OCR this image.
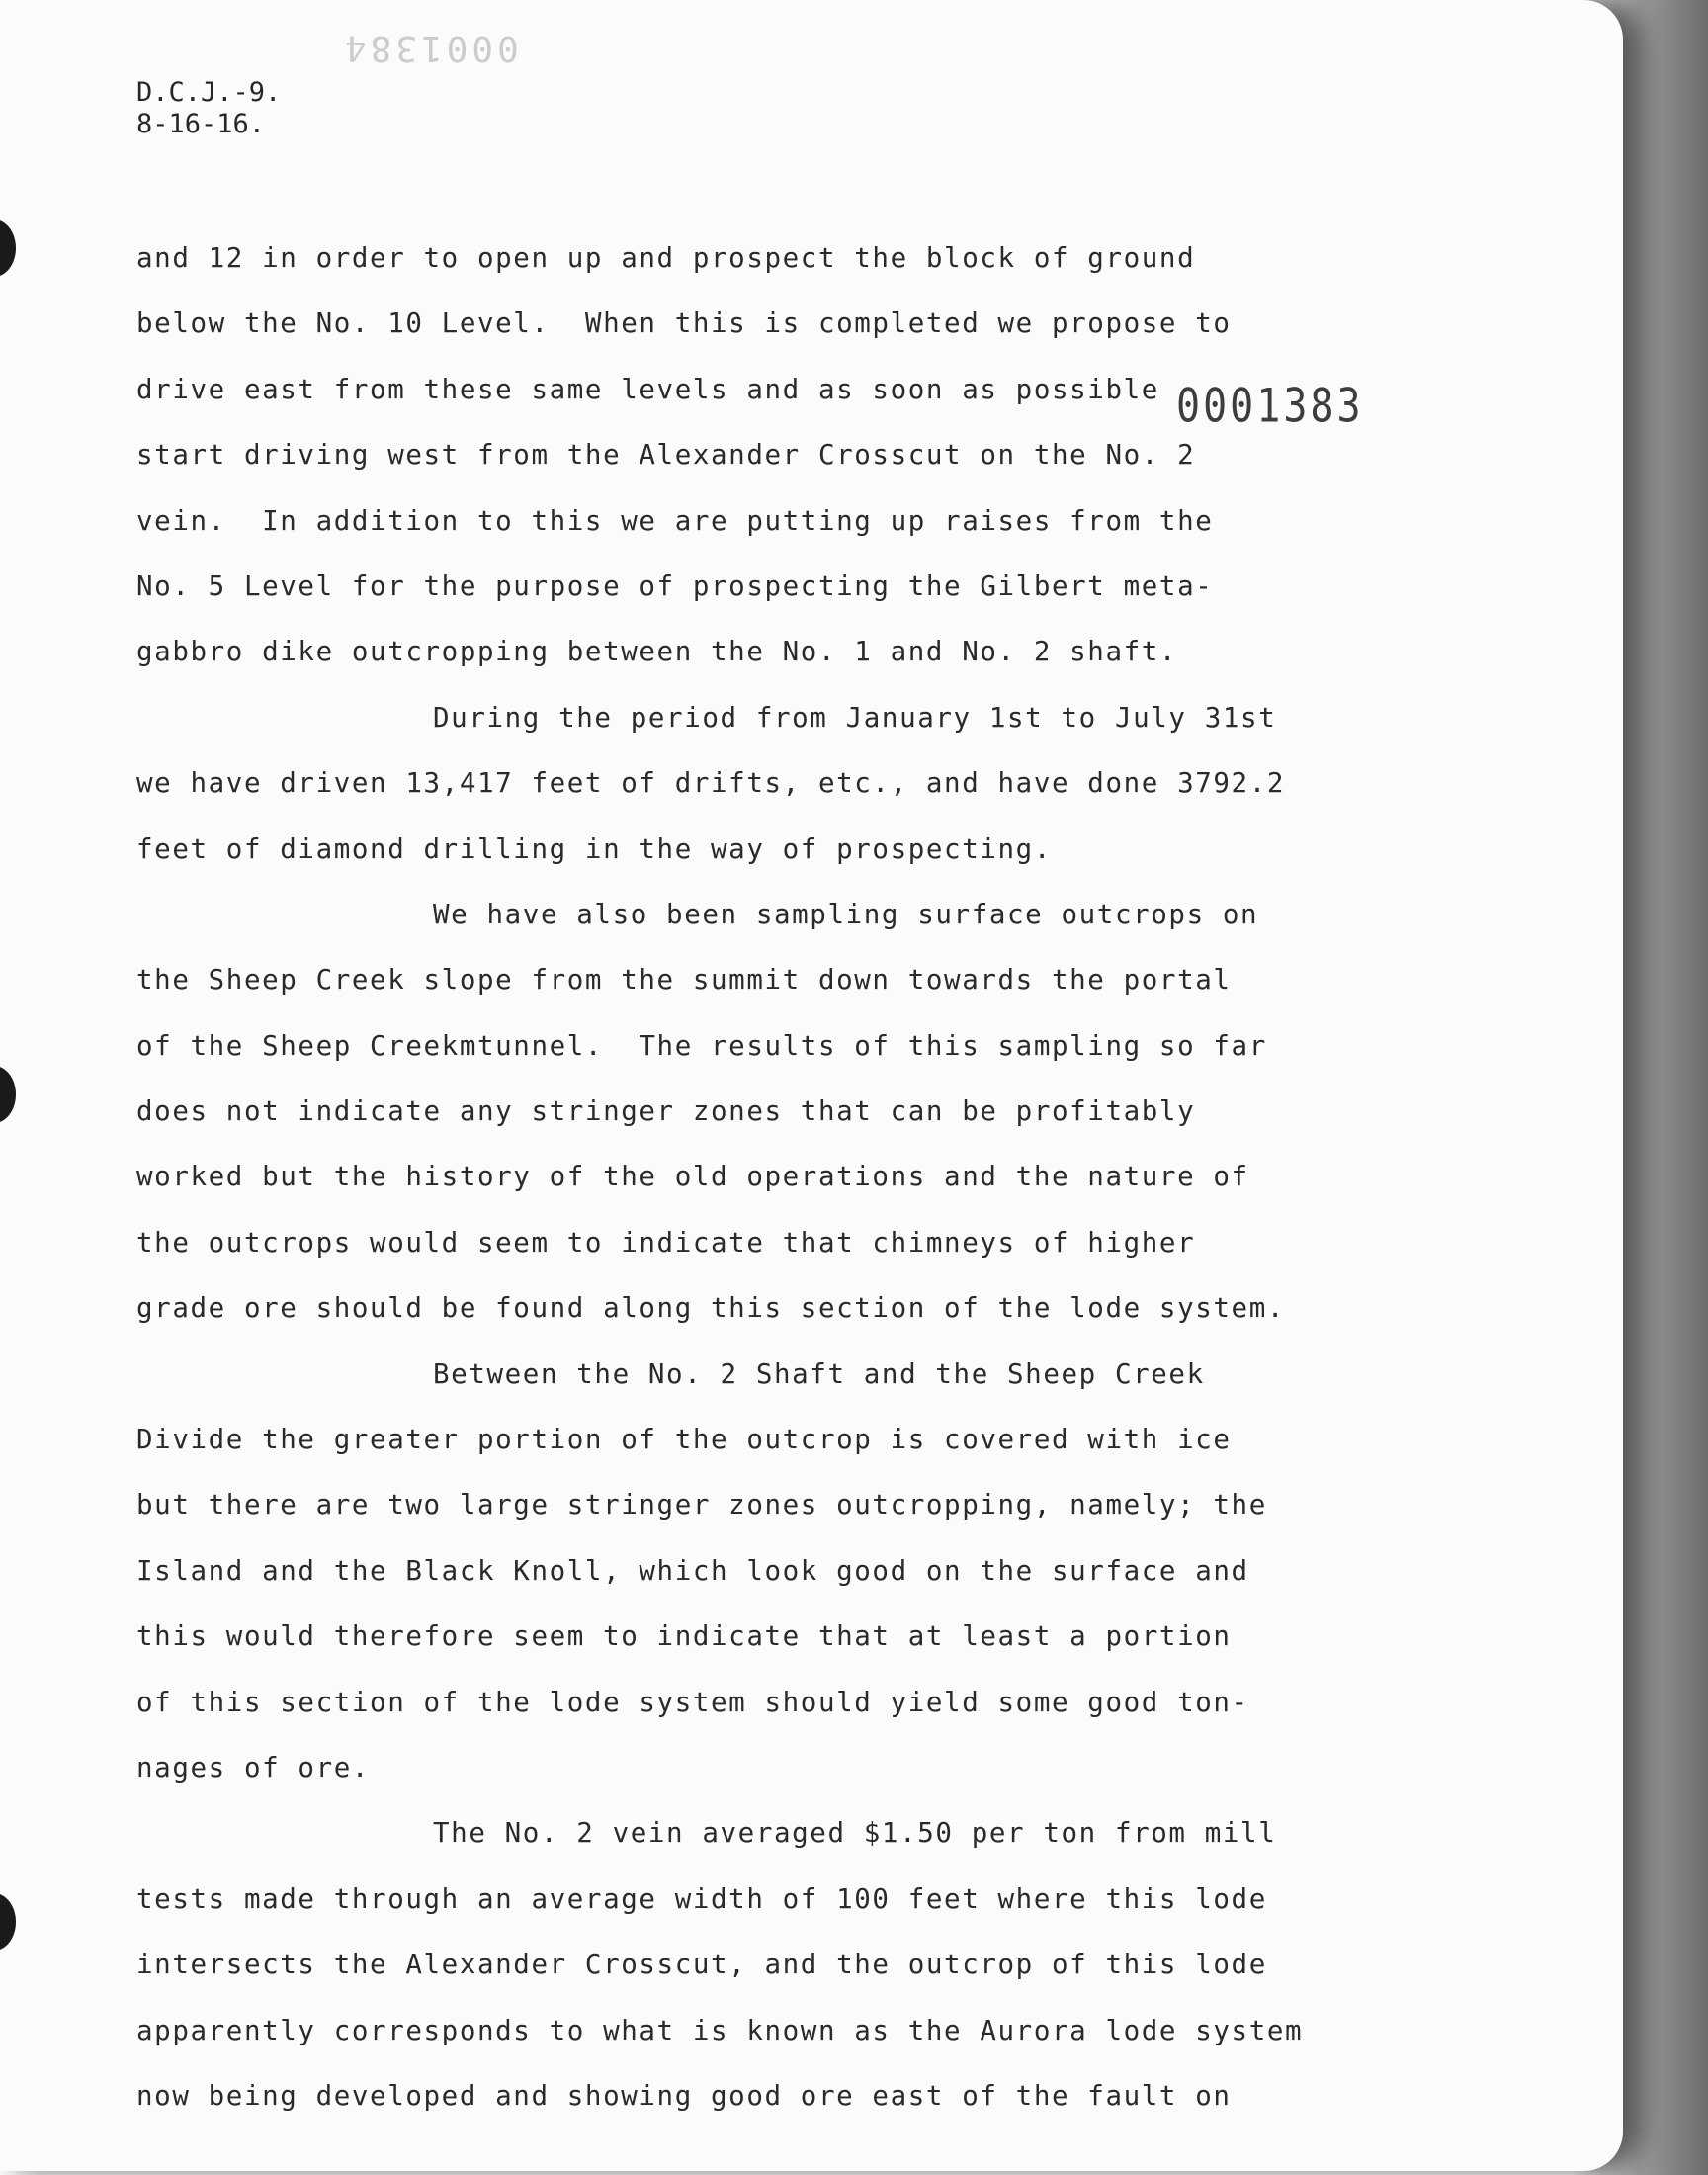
0001384
0001383
D.C.J.-9.
8-16-16.
and 12 in order to open up and prospect the block of ground
below the No. 10 Level.  When this is completed we propose to
drive east from these same levels and as soon as possible
start driving west from the Alexander Crosscut on the No. 2
vein.  In addition to this we are putting up raises from the
No. 5 Level for the purpose of prospecting the Gilbert meta-
gabbro dike outcropping between the No. 1 and No. 2 shaft.
During the period from January 1st to July 31st
we have driven 13,417 feet of drifts, etc., and have done 3792.2
feet of diamond drilling in the way of prospecting.
We have also been sampling surface outcrops on
the Sheep Creek slope from the summit down towards the portal
of the Sheep Creekmtunnel.  The results of this sampling so far
does not indicate any stringer zones that can be profitably
worked but the history of the old operations and the nature of
the outcrops would seem to indicate that chimneys of higher
grade ore should be found along this section of the lode system.
Between the No. 2 Shaft and the Sheep Creek
Divide the greater portion of the outcrop is covered with ice
but there are two large stringer zones outcropping, namely; the
Island and the Black Knoll, which look good on the surface and
this would therefore seem to indicate that at least a portion
of this section of the lode system should yield some good ton-
nages of ore.
The No. 2 vein averaged $1.50 per ton from mill
tests made through an average width of 100 feet where this lode
intersects the Alexander Crosscut, and the outcrop of this lode
apparently corresponds to what is known as the Aurora lode system
now being developed and showing good ore east of the fault on
